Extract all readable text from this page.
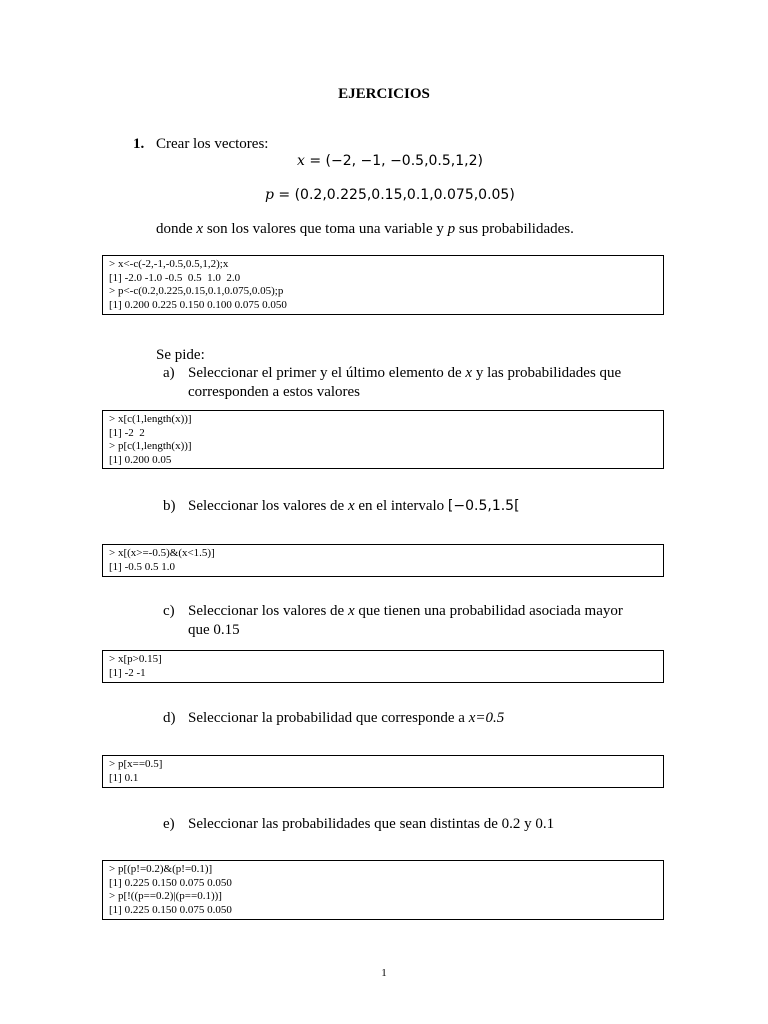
EJERCICIOS
1. Crear los vectores:
x = (−2, −1, −0.5,0.5,1,2)
p = (0.2,0.225,0.15,0.1,0.075,0.05)
donde x son los valores que toma una variable y p sus probabilidades.
> x<-c(-2,-1,-0.5,0.5,1,2);x
[1] -2.0 -1.0 -0.5  0.5  1.0  2.0
> p<-c(0.2,0.225,0.15,0.1,0.075,0.05);p
[1] 0.200 0.225 0.150 0.100 0.075 0.050
Se pide:
a) Seleccionar el primer y el último elemento de x y las probabilidades que
corresponden a estos valores
> x[c(1,length(x))]
[1] -2  2
> p[c(1,length(x))]
[1] 0.200 0.05
b) Seleccionar los valores de x en el intervalo [−0.5,1.5[
> x[(x>=-0.5)&(x<1.5)]
[1] -0.5 0.5 1.0
c) Seleccionar los valores de x que tienen una probabilidad asociada mayor
que 0.15
> x[p>0.15]
[1] -2 -1
d) Seleccionar la probabilidad que corresponde a x=0.5
> p[x==0.5]
[1] 0.1
e) Seleccionar las probabilidades que sean distintas de 0.2 y 0.1
> p[(p!=0.2)&(p!=0.1)]
[1] 0.225 0.150 0.075 0.050
> p[!((p==0.2)|(p==0.1))]
[1] 0.225 0.150 0.075 0.050
1
